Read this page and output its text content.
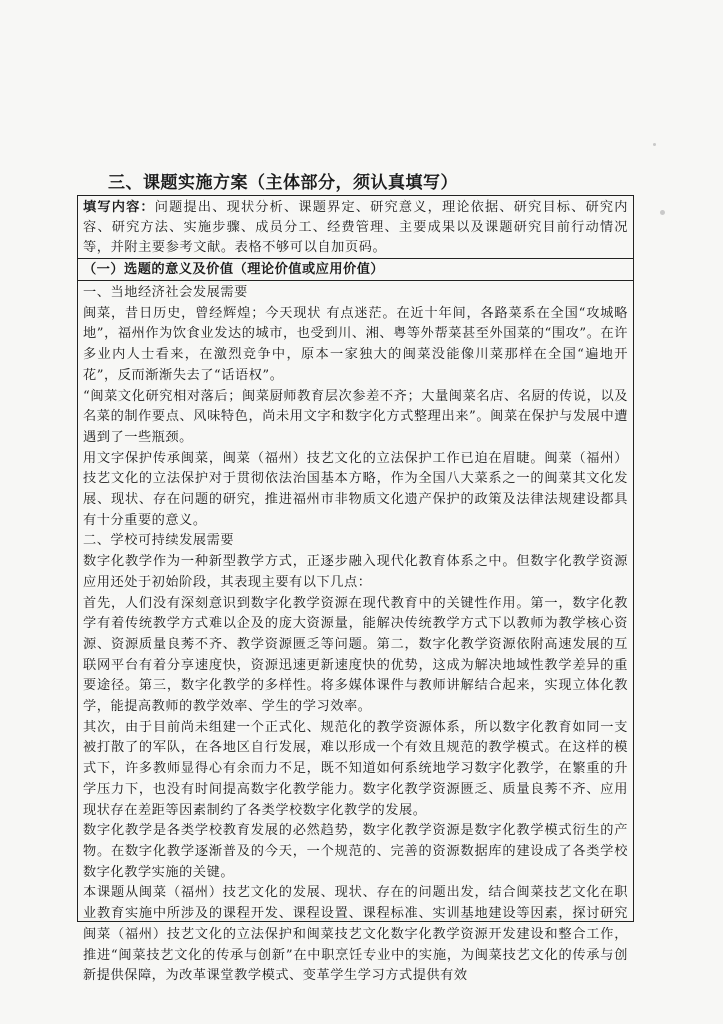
三、课题实施方案（主体部分，须认真填写）
填写内容：问题提出、现状分析、课题界定、研究意义，理论依据、研究目标、研究内容、研究方法、实施步骤、成员分工、经费管理、主要成果以及课题研究目前行动情况等，并附主要参考文献。表格不够可以自加页码。
（一）选题的意义及价值（理论价值或应用价值）

一、当地经济社会发展需要

闽菜，昔日历史，曾经辉煌；今天现状 有点迷茫。在近十年间，各路菜系在全国“攻城略地”，福州作为饮食业发达的城市，也受到川、湘、粤等外帮菜甚至外国菜的“围攻”。在许多业内人士看来，在激烈竞争中，原本一家独大的闽菜没能像川菜那样在全国“遍地开花”，反而渐渐失去了“话语权”。

“闽菜文化研究相对落后；闽菜厨师教育层次参差不齐；大量闽菜名店、名厨的传说，以及名菜的制作要点、风味特色，尚未用文字和数字化方式整理出来”。闽菜在保护与发展中遭遇到了一些瓶颈。

用文字保护传承闽菜，闽菜（福州）技艺文化的立法保护工作已迫在眉睫。闽菜（福州）技艺文化的立法保护对于贯彻依法治国基本方略，作为全国八大菜系之一的闽菜其文化发展、现状、存在问题的研究，推进福州市非物质文化遗产保护的政策及法律法规建设都具有十分重要的意义。

二、学校可持续发展需要

数字化教学作为一种新型教学方式，正逐步融入现代化教育体系之中。但数字化教学资源应用还处于初始阶段，其表现主要有以下几点：

首先，人们没有深刻意识到数字化教学资源在现代教育中的关键性作用。第一，数字化教学有着传统教学方式难以企及的庞大资源量，能解决传统教学方式下以教师为教学核心资源、资源质量良莠不齐、教学资源匮乏等问题。第二，数字化教学资源依附高速发展的互联网平台有着分享速度快，资源迅速更新速度快的优势，这成为解决地域性教学差异的重要途径。第三，数字化教学的多样性。将多媒体课件与教师讲解结合起来，实现立体化教学，能提高教师的教学效率、学生的学习效率。

其次，由于目前尚未组建一个正式化、规范化的教学资源体系，所以数字化教育如同一支被打散了的军队，在各地区自行发展，难以形成一个有效且规范的教学模式。在这样的模式下，许多教师显得心有余而力不足，既不知道如何系统地学习数字化教学，在繁重的升学压力下，也没有时间提高数字化教学能力。数字化教学资源匮乏、质量良莠不齐、应用现状存在差距等因素制约了各类学校数字化教学的发展。

数字化教学是各类学校教育发展的必然趋势，数字化教学资源是数字化教学模式衍生的产物。在数字化教学逐渐普及的今天，一个规范的、完善的资源数据库的建设成了各类学校数字化教学实施的关键。

本课题从闽菜（福州）技艺文化的发展、现状、存在的问题出发，结合闽菜技艺文化在职业教育实施中所涉及的课程开发、课程设置、课程标准、实训基地建设等因素，探讨研究闽菜（福州）技艺文化的立法保护和闽菜技艺文化数字化教学资源开发建设和整合工作，推进“闽菜技艺文化的传承与创新”在中职烹饪专业中的实施，为闽菜技艺文化的传承与创新提供保障，为改革课堂教学模式、变革学生学习方式提供有效
